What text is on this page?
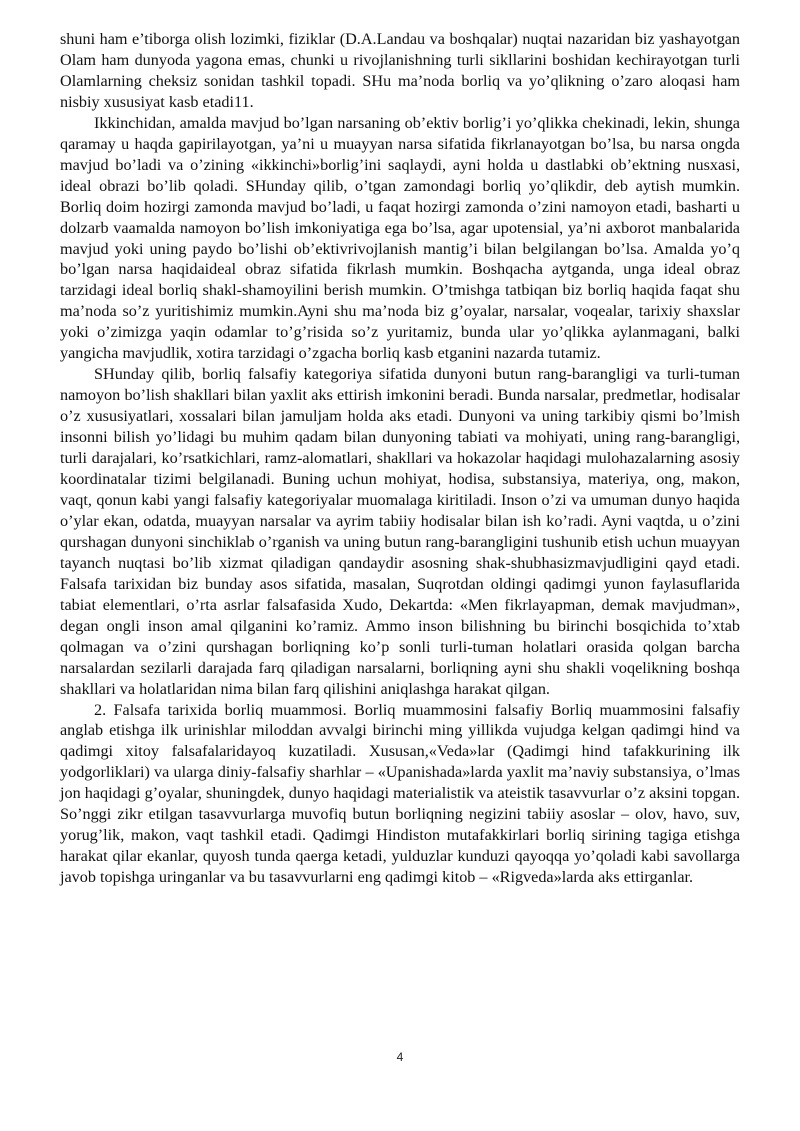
shuni ham e’tiborga olish lozimki, fiziklar (D.A.Landau va boshqalar) nuqtai nazaridan biz yashayotgan Olam ham dunyoda yagona emas, chunki u rivojlanishning turli sikllarini boshidan kechirayotgan turli Olamlarning cheksiz sonidan tashkil topadi. SHu ma’noda borliq va yo’qlikning o’zaro aloqasi ham nisbiy xususiyat kasb etadi11.

Ikkinchidan, amalda mavjud bo’lgan narsaning ob’ektiv borlig’i yo’qlikka chekinadi, lekin, shunga qaramay u haqda gapirilayotgan, ya’ni u muayyan narsa sifatida fikrlanayotgan bo’lsa, bu narsa ongda mavjud bo’ladi va o’zining «ikkinchi»borlig’ini saqlaydi, ayni holda u dastlabki ob’ektning nusxasi, ideal obrazi bo’lib qoladi. SHunday qilib, o’tgan zamondagi borliq yo’qlikdir, deb aytish mumkin. Borliq doim hozirgi zamonda mavjud bo’ladi, u faqat hozirgi zamonda o’zini namoyon etadi, basharti u dolzarb vaamalda namoyon bo’lish imkoniyatiga ega bo’lsa, agar upotensial, ya’ni axborot manbalarida mavjud yoki uning paydo bo’lishi ob’ektivrivojlanish mantig’i bilan belgilangan bo’lsa. Amalda yo’q bo’lgan narsa haqidaideal obraz sifatida fikrlash mumkin. Boshqacha aytganda, unga ideal obraz tarzidagi ideal borliq shakl-shamoyilini berish mumkin. O’tmishga tatbiqan biz borliq haqida faqat shu ma’noda so’z yuritishimiz mumkin.Ayni shu ma’noda biz g’oyalar, narsalar, voqealar, tarixiy shaxslar yoki o’zimizga yaqin odamlar to’g’risida so’z yuritamiz, bunda ular yo’qlikka aylanmagani, balki yangicha mavjudlik, xotira tarzidagi o’zgacha borliq kasb etganini nazarda tutamiz.

SHunday qilib, borliq falsafiy kategoriya sifatida dunyoni butun rang-barangligi va turli-tuman namoyon bo’lish shakllari bilan yaxlit aks ettirish imkonini beradi. Bunda narsalar, predmetlar, hodisalar o’z xususiyatlari, xossalari bilan jamuljam holda aks etadi. Dunyoni va uning tarkibiy qismi bo’lmish insonni bilish yo’lidagi bu muhim qadam bilan dunyoning tabiati va mohiyati, uning rang-barangligi, turli darajalari, ko’rsatkichlari, ramz-alomatlari, shakllari va hokazolar haqidagi mulohazalarning asosiy koordinatalar tizimi belgilanadi. Buning uchun mohiyat, hodisa, substansiya, materiya, ong, makon, vaqt, qonun kabi yangi falsafiy kategoriyalar muomalaga kiritiladi. Inson o’zi va umuman dunyo haqida o’ylar ekan, odatda, muayyan narsalar va ayrim tabiiy hodisalar bilan ish ko’radi. Ayni vaqtda, u o’zini qurshagan dunyoni sinchiklab o’rganish va uning butun rang-barangligini tushunib etish uchun muayyan tayanch nuqtasi bo’lib xizmat qiladigan qandaydir asosning shak-shubhasizmavjudligini qayd etadi. Falsafa tarixidan biz bunday asos sifatida, masalan, Suqrotdan oldingi qadimgi yunon faylasuflarida tabiat elementlari, o’rta asrlar falsafasida Xudo, Dekartda: «Men fikrlayapman, demak mavjudman», degan ongli inson amal qilganini ko’ramiz. Ammo inson bilishning bu birinchi bosqichida to’xtab qolmagan va o’zini qurshagan borliqning ko’p sonli turli-tuman holatlari orasida qolgan barcha narsalardan sezilarli darajada farq qiladigan narsalarni, borliqning ayni shu shakli voqelikning boshqa shakllari va holatlaridan nima bilan farq qilishini aniqlashga harakat qilgan.

2. Falsafa tarixida borliq muammosi. Borliq muammosini falsafiy Borliq muammosini falsafiy anglab etishga ilk urinishlar miloddan avvalgi birinchi ming yillikda vujudga kelgan qadimgi hind va qadimgi xitoy falsafalaridayoq kuzatiladi. Xususan,«Veda»lar (Qadimgi hind tafakkurining ilk yodgorliklari) va ularga diniy-falsafiy sharhlar – «Upanishada»larda yaxlit ma’naviy substansiya, o’lmas jon haqidagi g’oyalar, shuningdek, dunyo haqidagi materialistik va ateistik tasavvurlar o’z aksini topgan. So’nggi zikr etilgan tasavvurlarga muvofiq butun borliqning negizini tabiiy asoslar – olov, havo, suv, yorug’lik, makon, vaqt tashkil etadi. Qadimgi Hindiston mutafakkirlari borliq sirining tagiga etishga harakat qilar ekanlar, quyosh tunda qaerga ketadi, yulduzlar kunduzi qayoqqa yo’qoladi kabi savollarga javob topishga uringanlar va bu tasavvurlarni eng qadimgi kitob – «Rigveda»larda aks ettirganlar.

4
